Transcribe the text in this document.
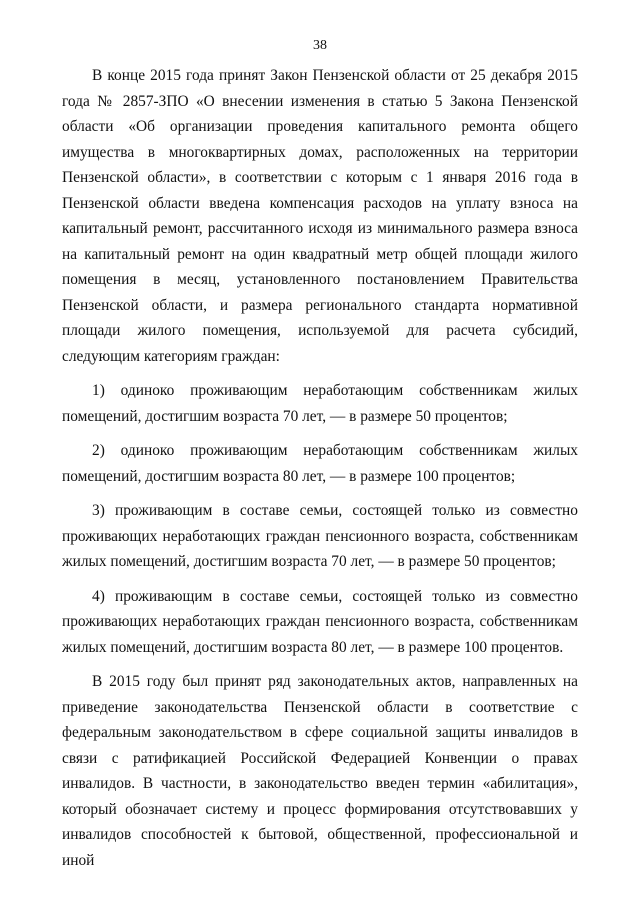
38

В конце 2015 года принят Закон Пензенской области от 25 декабря 2015 года № 2857-ЗПО «О внесении изменения в статью 5 Закона Пензенской области «Об организации проведения капитального ремонта общего имущества в многоквартирных домах, расположенных на территории Пензенской области», в соответствии с которым с 1 января 2016 года в Пензенской области введена компенсация расходов на уплату взноса на капитальный ремонт, рассчитанного исходя из минимального размера взноса на капитальный ремонт на один квадратный метр общей площади жилого помещения в месяц, установленного постановлением Правительства Пензенской области, и размера регионального стандарта нормативной площади жилого помещения, используемой для расчета субсидий, следующим категориям граждан:

1) одиноко проживающим неработающим собственникам жилых помещений, достигшим возраста 70 лет, — в размере 50 процентов;

2) одиноко проживающим неработающим собственникам жилых помещений, достигшим возраста 80 лет, — в размере 100 процентов;

3) проживающим в составе семьи, состоящей только из совместно проживающих неработающих граждан пенсионного возраста, собственникам жилых помещений, достигшим возраста 70 лет, — в размере 50 процентов;

4) проживающим в составе семьи, состоящей только из совместно проживающих неработающих граждан пенсионного возраста, собственникам жилых помещений, достигшим возраста 80 лет, — в размере 100 процентов.

В 2015 году был принят ряд законодательных актов, направленных на приведение законодательства Пензенской области в соответствие с федеральным законодательством в сфере социальной защиты инвалидов в связи с ратификацией Российской Федерацией Конвенции о правах инвалидов. В частности, в законодательство введен термин «абилитация», который обозначает систему и процесс формирования отсутствовавших у инвалидов способностей к бытовой, общественной, профессиональной и иной
